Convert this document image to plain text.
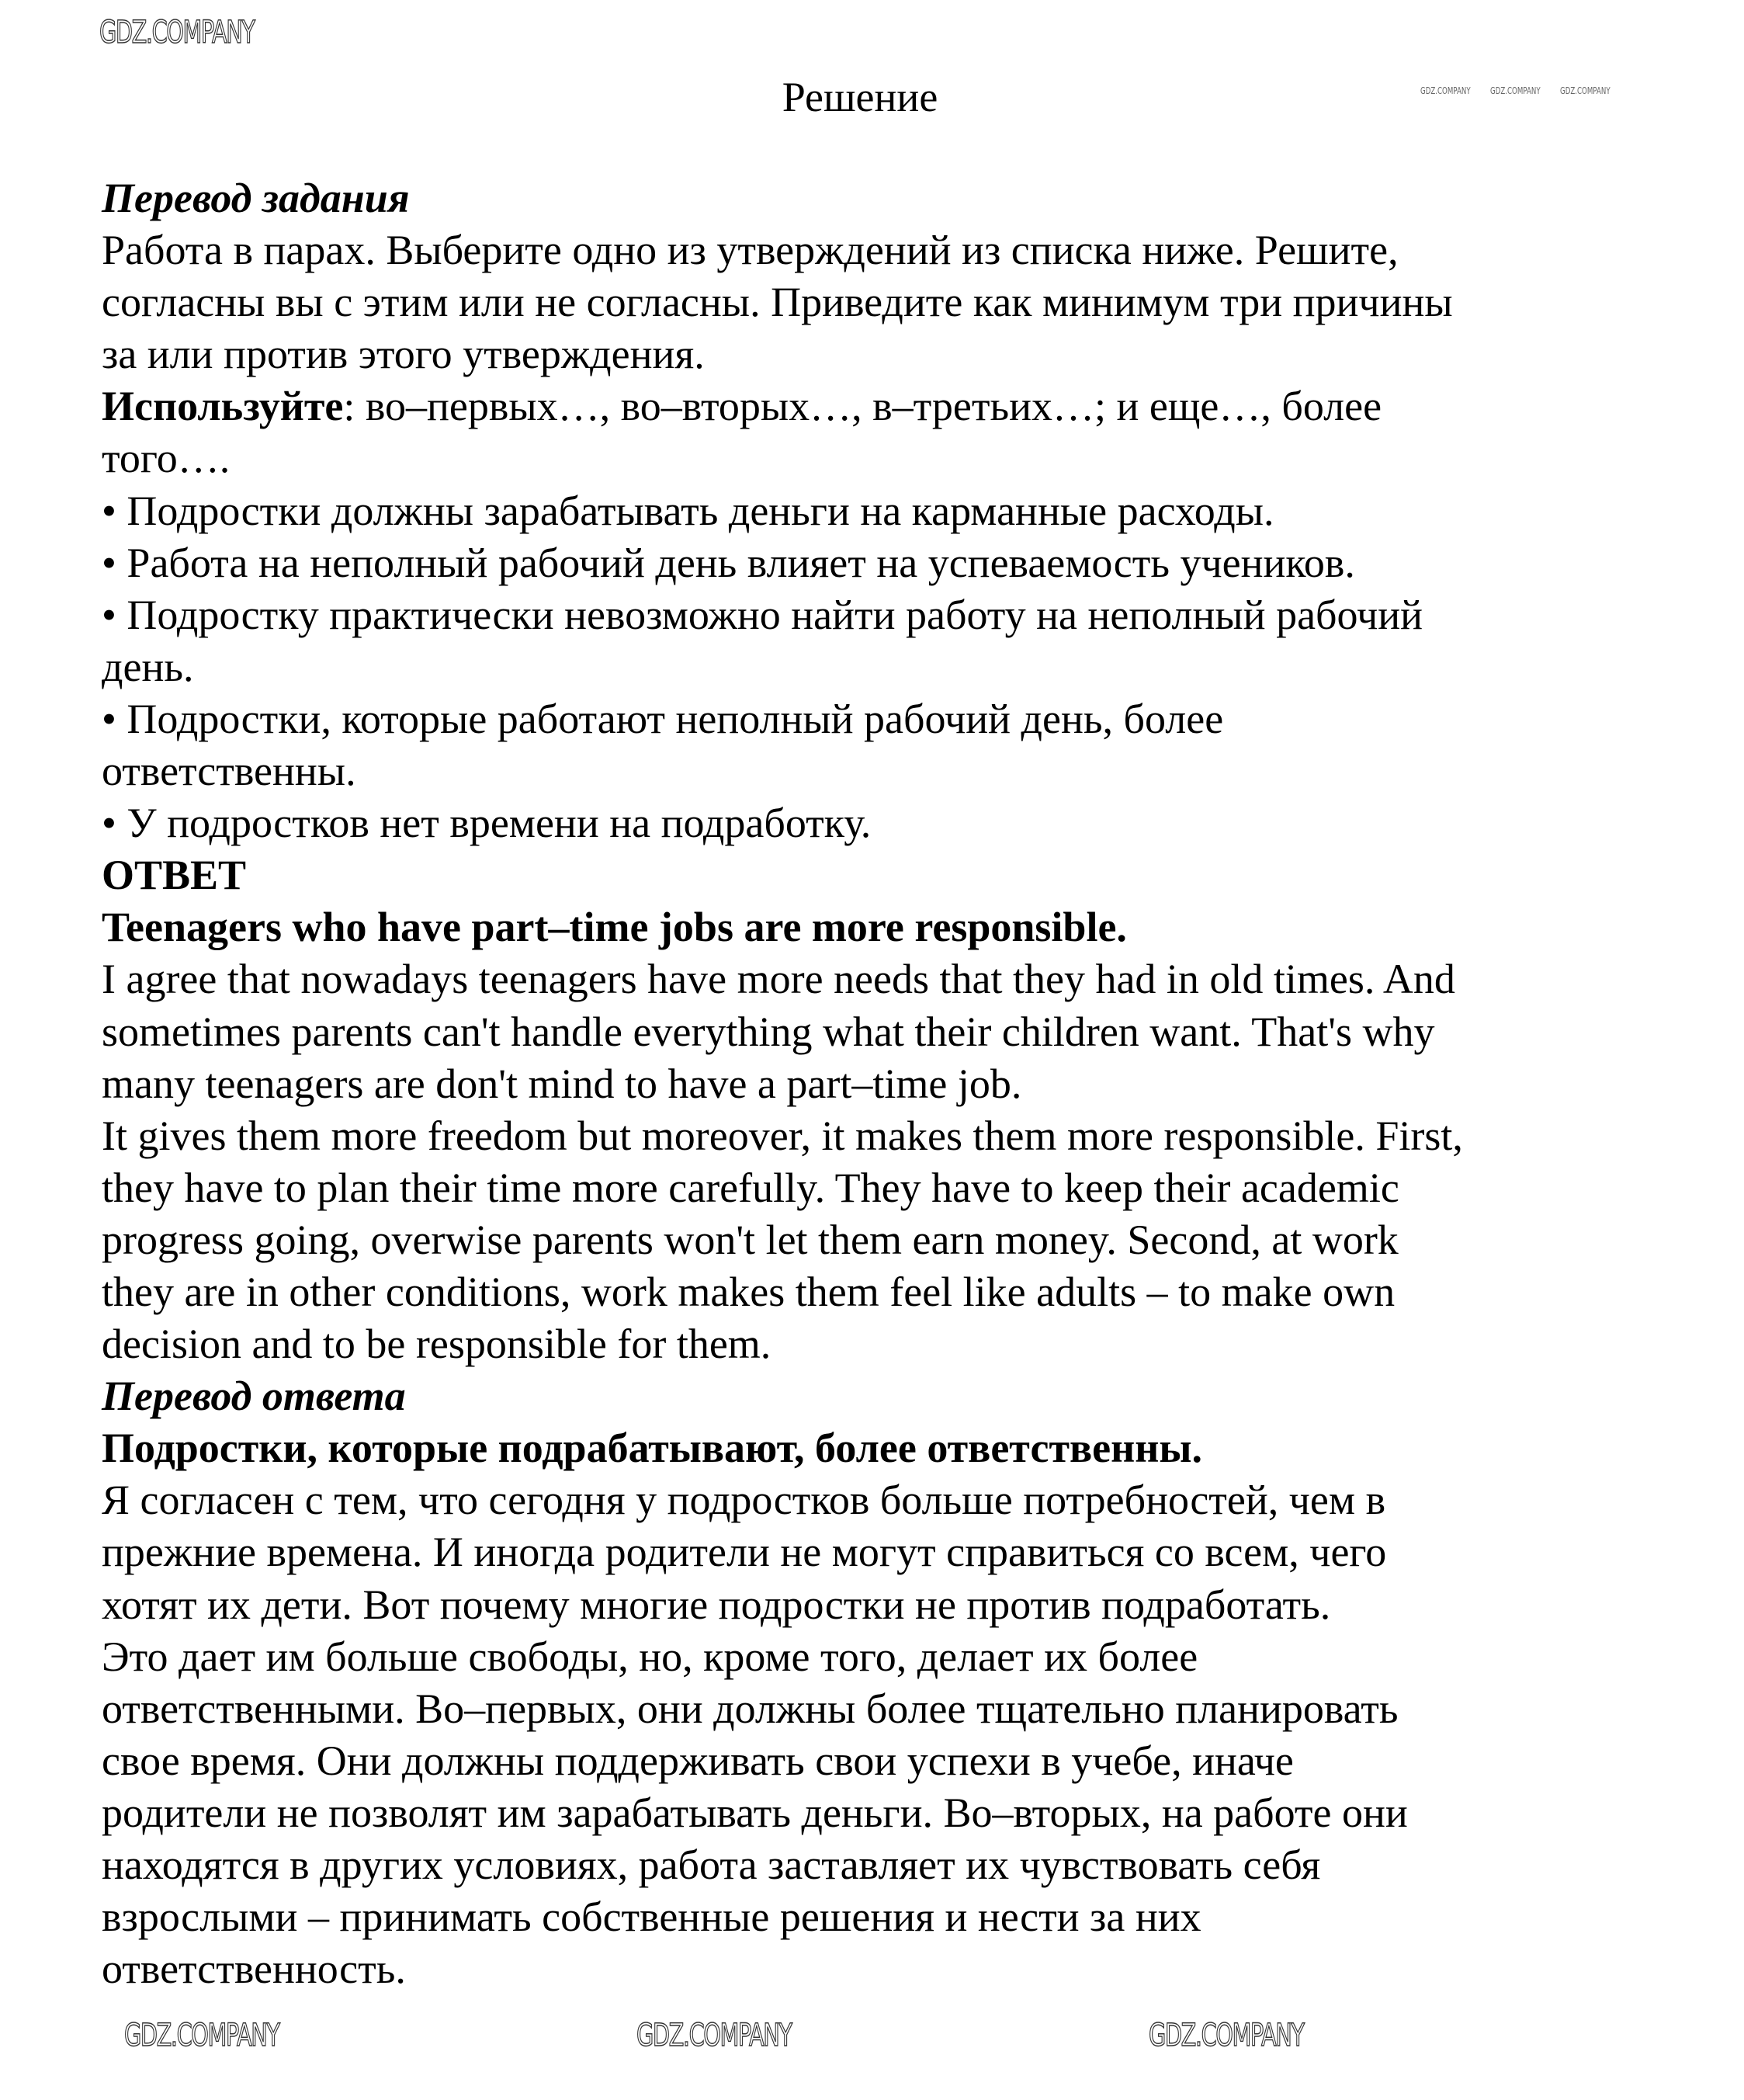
Решение
Перевод задания
Работа в парах. Выберите одно из утверждений из списка ниже. Решите,
согласны вы с этим или не согласны. Приведите как минимум три причины
за или против этого утверждения.
Используйте: во–первых…, во–вторых…, в–третьих…; и еще…, более
того….
• Подростки должны зарабатывать деньги на карманные расходы.
• Работа на неполный рабочий день влияет на успеваемость учеников.
• Подростку практически невозможно найти работу на неполный рабочий
день.
• Подростки, которые работают неполный рабочий день, более
ответственны.
• У подростков нет времени на подработку.
ОТВЕТ
Teenagers who have part–time jobs are more responsible.
I agree that nowadays teenagers have more needs that they had in old times. And
sometimes parents can't handle everything what their children want. That's why
many teenagers are don't mind to have a part–time job.
It gives them more freedom but moreover, it makes them more responsible. First,
they have to plan their time more carefully. They have to keep their academic
progress going, overwise parents won't let them earn money. Second, at work
they are in other conditions, work makes them feel like adults – to make own
decision and to be responsible for them.
Перевод ответа
Подростки, которые подрабатывают, более ответственны.
Я согласен с тем, что сегодня у подростков больше потребностей, чем в
прежние времена. И иногда родители не могут справиться со всем, чего
хотят их дети. Вот почему многие подростки не против подработать.
Это дает им больше свободы, но, кроме того, делает их более
ответственными. Во–первых, они должны более тщательно планировать
свое время. Они должны поддерживать свои успехи в учебе, иначе
родители не позволят им зарабатывать деньги. Во–вторых, на работе они
находятся в других условиях, работа заставляет их чувствовать себя
взрослыми – принимать собственные решения и нести за них
ответственность.
GDZ.COMPANY
GDZ.COMPANY GDZ.COMPANY GDZ.COMPANY
GDZ.COMPANY	GDZ.COMPANY	GDZ.COMPANY
